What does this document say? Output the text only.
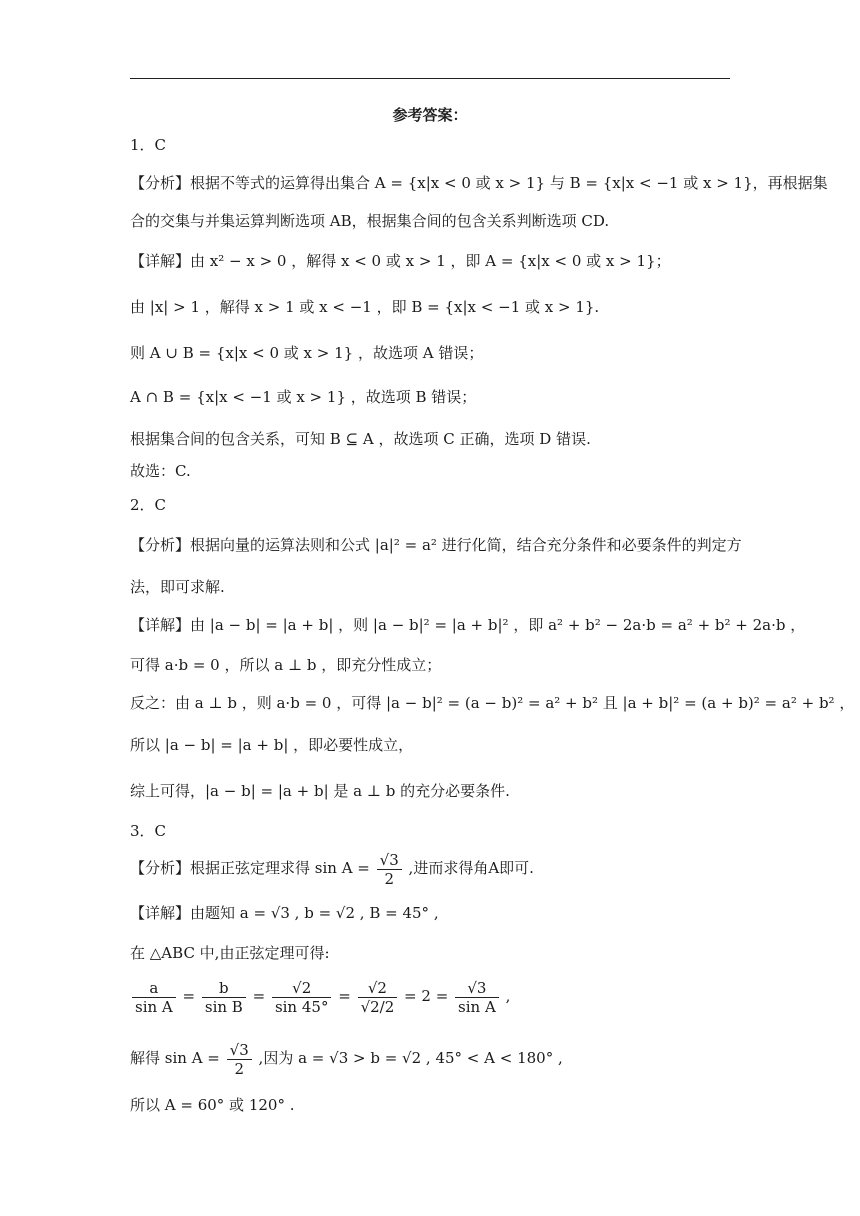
参考答案：
1．C
【分析】根据不等式的运算得出集合 A = {x|x < 0 或 x > 1} 与 B = {x|x < −1 或 x > 1}，再根据集
合的交集与并集运算判断选项 AB，根据集合间的包含关系判断选项 CD.
【详解】由 x² − x > 0 ，解得 x < 0 或 x > 1 ，即 A = {x|x < 0 或 x > 1}；
由 |x| > 1 ，解得 x > 1 或 x < −1 ，即 B = {x|x < −1 或 x > 1}.
则 A ∪ B = {x|x < 0 或 x > 1} ，故选项 A 错误；
A ∩ B = {x|x < −1 或 x > 1} ，故选项 B 错误；
根据集合间的包含关系，可知 B ⊆ A ，故选项 C 正确，选项 D 错误.
故选：C.
2．C
【分析】根据向量的运算法则和公式 |a|² = a² 进行化简，结合充分条件和必要条件的判定方
法，即可求解.
【详解】由 |a − b| = |a + b| ，则 |a − b|² = |a + b|² ，即 a² + b² − 2a·b = a² + b² + 2a·b ，
可得 a·b = 0 ，所以 a ⊥ b ，即充分性成立；
反之：由 a ⊥ b ，则 a·b = 0 ，可得 |a − b|² = (a − b)² = a² + b² 且 |a + b|² = (a + b)² = a² + b² ，
所以 |a − b| = |a + b| ，即必要性成立，
综上可得，|a − b| = |a + b| 是 a ⊥ b 的充分必要条件.
3．C
【分析】根据正弦定理求得 $\sin A = \frac{√3}{2}$ ,进而求得角A即可.
【详解】由题知 a = √3 , b = √2 , B = 45° ,
在 △ABC 中,由正弦定理可得:
$\frac{a}{\text{sin A}} = \frac{b}{\text{sin B}} = \frac{√2}{\sin 45^\circ} = \frac{√2}{√2/2} = 2 = \frac{√3}{\text{sin A}}$ ,
解得 $\sin A = \frac{√3}{2}$ ,因为 a = √3 > b = √2 , 45° < A < 180° ,
所以 A = 60° 或 120° .
